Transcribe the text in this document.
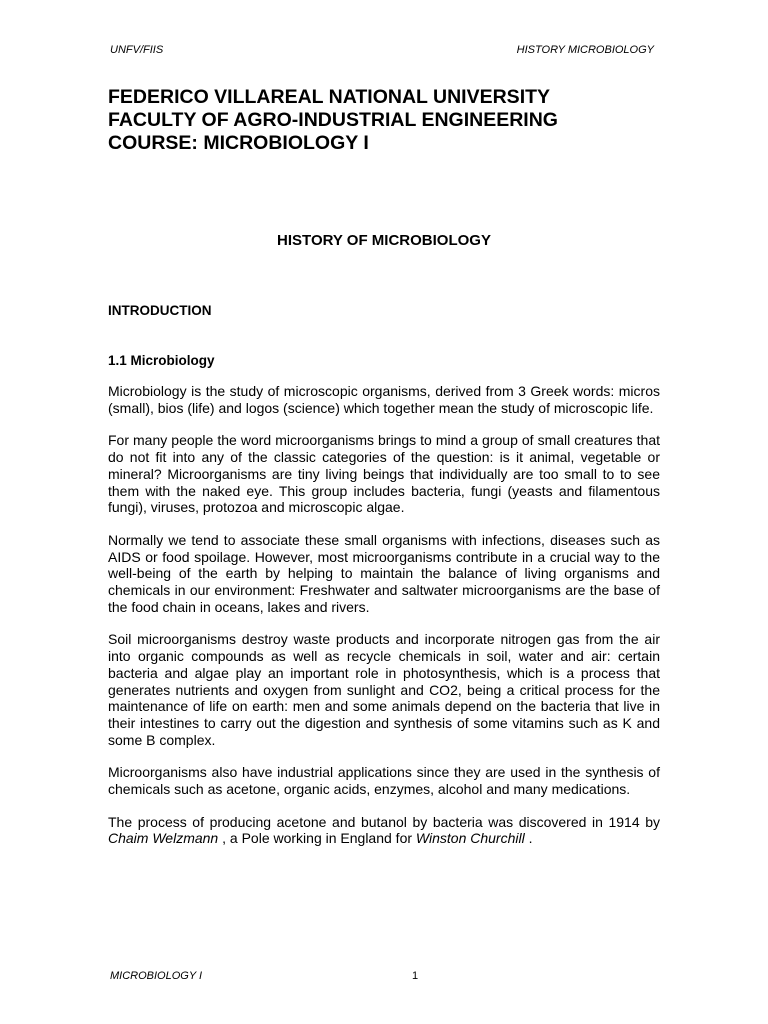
UNFV/FIIS	HISTORY MICROBIOLOGY

FEDERICO VILLAREAL NATIONAL UNIVERSITY

FACULTY OF AGRO-INDUSTRIAL ENGINEERING

COURSE: MICROBIOLOGY I

HISTORY OF MICROBIOLOGY

INTRODUCTION

1.1 Microbiology

Microbiology is the study of microscopic organisms, derived from 3 Greek words: micros (small), bios (life) and logos (science) which together mean the study of microscopic life.

For many people the word microorganisms brings to mind a group of small creatures that do not fit into any of the classic categories of the question: is it animal, vegetable or mineral? Microorganisms are tiny living beings that individually are too small to to see them with the naked eye. This group includes bacteria, fungi (yeasts and filamentous fungi), viruses, protozoa and microscopic algae.

Normally we tend to associate these small organisms with infections, diseases such as AIDS or food spoilage. However, most microorganisms contribute in a crucial way to the well-being of the earth by helping to maintain the balance of living organisms and chemicals in our environment: Freshwater and saltwater microorganisms are the base of the food chain in oceans, lakes and rivers.

Soil microorganisms destroy waste products and incorporate nitrogen gas from the air into organic compounds as well as recycle chemicals in soil, water and air: certain bacteria and algae play an important role in photosynthesis, which is a process that generates nutrients and oxygen from sunlight and CO2, being a critical process for the maintenance of life on earth: men and some animals depend on the bacteria that live in their intestines to carry out the digestion and synthesis of some vitamins such as K and some B complex.

Microorganisms also have industrial applications since they are used in the synthesis of chemicals such as acetone, organic acids, enzymes, alcohol and many medications.

The process of producing acetone and butanol by bacteria was discovered in 1914 by Chaim Welzmann , a Pole working in England for Winston Churchill .

MICROBIOLOGY I	1
